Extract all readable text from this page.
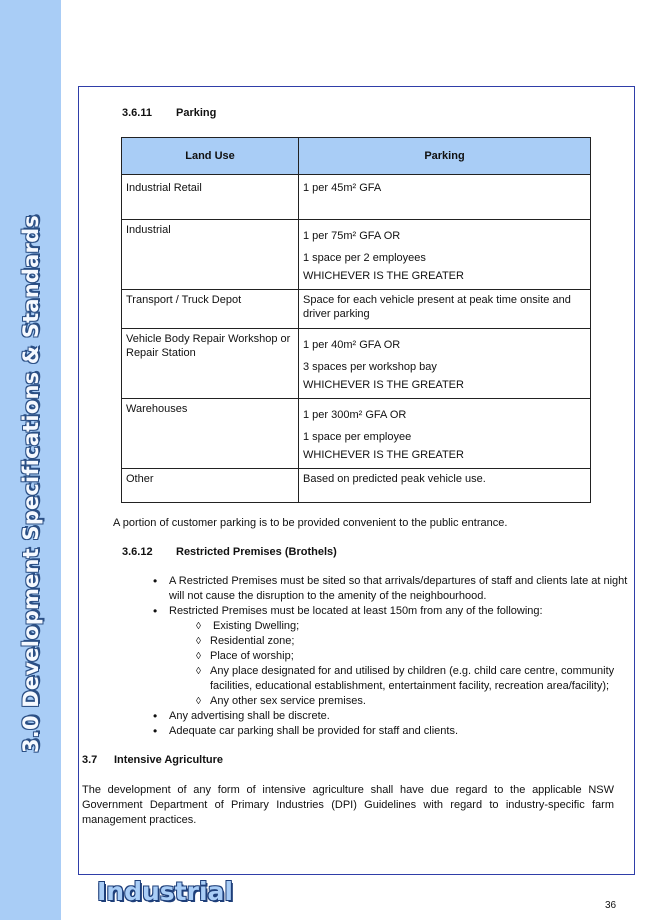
3.0 Development Specifications & Standards
3.6.11 Parking
Land Use	Parking
Industrial Retail	1 per 45m² GFA

Industrial	1 per 75m² GFA OR
1 space per 2 employees
WHICHEVER IS THE GREATER

Transport / Truck Depot	Space for each vehicle present at peak time onsite and driver parking

Vehicle Body Repair Workshop or Repair Station	1 per 40m² GFA OR
3 spaces per workshop bay
WHICHEVER IS THE GREATER

Warehouses	1 per 300m² GFA OR
1 space per employee
WHICHEVER IS THE GREATER

Other	Based on predicted peak vehicle use.
A portion of customer parking is to be provided convenient to the public entrance.
3.6.12 Restricted Premises (Brothels)
• A Restricted Premises must be sited so that arrivals/departures of staff and clients late at night will not cause the disruption to the amenity of the neighbourhood.
• Restricted Premises must be located at least 150m from any of the following:
◊ Existing Dwelling;
◊ Residential zone;
◊ Place of worship;
◊ Any place designated for and utilised by children (e.g. child care centre, community facilities, educational establishment, entertainment facility, recreation area/facility);
◊ Any other sex service premises.
• Any advertising shall be discrete.
• Adequate car parking shall be provided for staff and clients.
3.7 Intensive Agriculture
The development of any form of intensive agriculture shall have due regard to the applicable NSW Government Department of Primary Industries (DPI) Guidelines with regard to industry-specific farm management practices.
Industrial	36
